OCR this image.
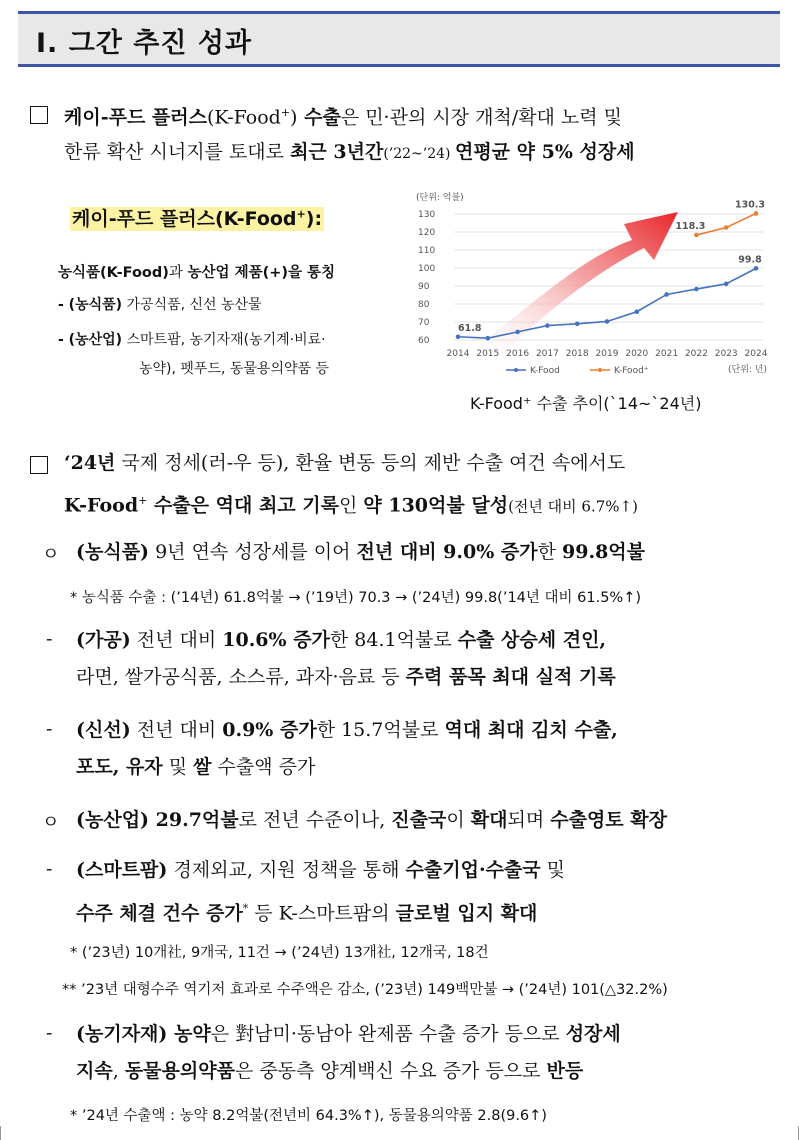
Ⅰ. 그간 추진 성과
케이-푸드 플러스(K-Food+) 수출은 민·관의 시장 개척/확대 노력 및
한류 확산 시너지를 토대로 최근 3년간(’22~’24) 연평균 약 5% 성장세
케이-푸드 플러스(K-Food+):
농식품(K-Food)과 농산업 제품(+)을 통칭
- (농식품) 가공식품, 신선 농산물
- (농산업) 스마트팜, 농기자재(농기계·비료·
농약), 펫푸드, 동물용의약품 등
(단위: 억불)
60
70
80
90
100
110
120
130
61.8
99.8
118.3
130.3
2014 2015 2016 2017 2018 2019 2020 2021 2022 2023 2024
K-Food	K-Food⁺	(단위: 년)
K-Food⁺ 수출 추이(`14~`24년)
‘24년 국제 정세(러-우 등), 환율 변동 등의 제반 수출 여건 속에서도
K-Food+ 수출은 역대 최고 기록인 약 130억불 달성(전년 대비 6.7%↑)
ㅇ (농식품) 9년 연속 성장세를 이어 전년 대비 9.0% 증가한 99.8억불
* 농식품 수출 : (’14년) 61.8억불 → (’19년) 70.3 → (’24년) 99.8(’14년 대비 61.5%↑)
- (가공) 전년 대비 10.6% 증가한 84.1억불로 수출 상승세 견인,
라면, 쌀가공식품, 소스류, 과자·음료 등 주력 품목 최대 실적 기록
- (신선) 전년 대비 0.9% 증가한 15.7억불로 역대 최대 김치 수출,
포도, 유자 및 쌀 수출액 증가
ㅇ (농산업) 29.7억불로 전년 수준이나, 진출국이 확대되며 수출영토 확장
- (스마트팜) 경제외교, 지원 정책을 통해 수출기업·수출국 및
수주 체결 건수 증가* 등 K-스마트팜의 글로벌 입지 확대
* (’23년) 10개社, 9개국, 11건 → (’24년) 13개社, 12개국, 18건
** ’23년 대형수주 역기저 효과로 수주액은 감소, (’23년) 149백만불 → (’24년) 101(△32.2%)
- (농기자재) 농약은 對남미·동남아 완제품 수출 증가 등으로 성장세
지속, 동물용의약품은 중동측 양계백신 수요 증가 등으로 반등
* ’24년 수출액 : 농약 8.2억불(전년비 64.3%↑), 동물용의약품 2.8(9.6↑)
